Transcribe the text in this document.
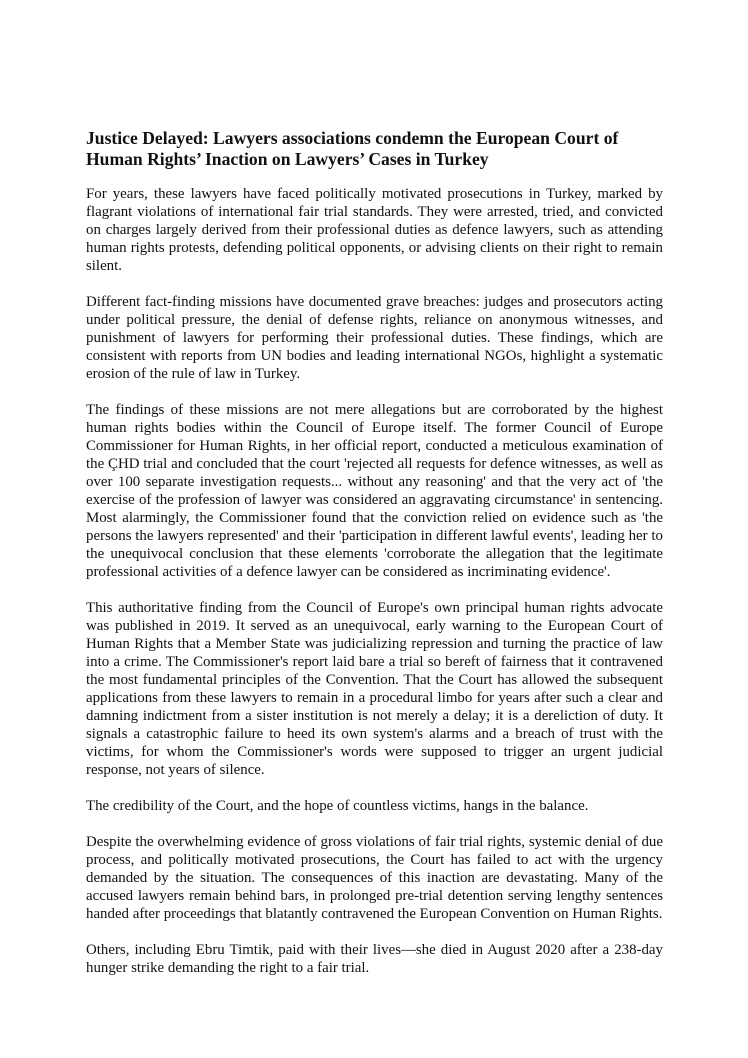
Justice Delayed: Lawyers associations condemn the European Court of Human Rights’ Inaction on Lawyers’ Cases in Turkey

For years, these lawyers have faced politically motivated prosecutions in Turkey, marked by flagrant violations of international fair trial standards. They were arrested, tried, and convicted on charges largely derived from their professional duties as defence lawyers, such as attending human rights protests, defending political opponents, or advising clients on their right to remain silent.

Different fact-finding missions have documented grave breaches: judges and prosecutors acting under political pressure, the denial of defense rights, reliance on anonymous witnesses, and punishment of lawyers for performing their professional duties. These findings, which are consistent with reports from UN bodies and leading international NGOs, highlight a systematic erosion of the rule of law in Turkey.

The findings of these missions are not mere allegations but are corroborated by the highest human rights bodies within the Council of Europe itself. The former Council of Europe Commissioner for Human Rights, in her official report, conducted a meticulous examination of the ÇHD trial and concluded that the court 'rejected all requests for defence witnesses, as well as over 100 separate investigation requests... without any reasoning' and that the very act of 'the exercise of the profession of lawyer was considered an aggravating circumstance' in sentencing. Most alarmingly, the Commissioner found that the conviction relied on evidence such as 'the persons the lawyers represented' and their 'participation in different lawful events', leading her to the unequivocal conclusion that these elements 'corroborate the allegation that the legitimate professional activities of a defence lawyer can be considered as incriminating evidence'.

This authoritative finding from the Council of Europe's own principal human rights advocate was published in 2019. It served as an unequivocal, early warning to the European Court of Human Rights that a Member State was judicializing repression and turning the practice of law into a crime. The Commissioner's report laid bare a trial so bereft of fairness that it contravened the most fundamental principles of the Convention. That the Court has allowed the subsequent applications from these lawyers to remain in a procedural limbo for years after such a clear and damning indictment from a sister institution is not merely a delay; it is a dereliction of duty. It signals a catastrophic failure to heed its own system's alarms and a breach of trust with the victims, for whom the Commissioner's words were supposed to trigger an urgent judicial response, not years of silence.

The credibility of the Court, and the hope of countless victims, hangs in the balance.

Despite the overwhelming evidence of gross violations of fair trial rights, systemic denial of due process, and politically motivated prosecutions, the Court has failed to act with the urgency demanded by the situation. The consequences of this inaction are devastating. Many of the accused lawyers remain behind bars, in prolonged pre-trial detention serving lengthy sentences handed after proceedings that blatantly contravened the European Convention on Human Rights.

Others, including Ebru Timtik, paid with their lives—she died in August 2020 after a 238-day hunger strike demanding the right to a fair trial.
